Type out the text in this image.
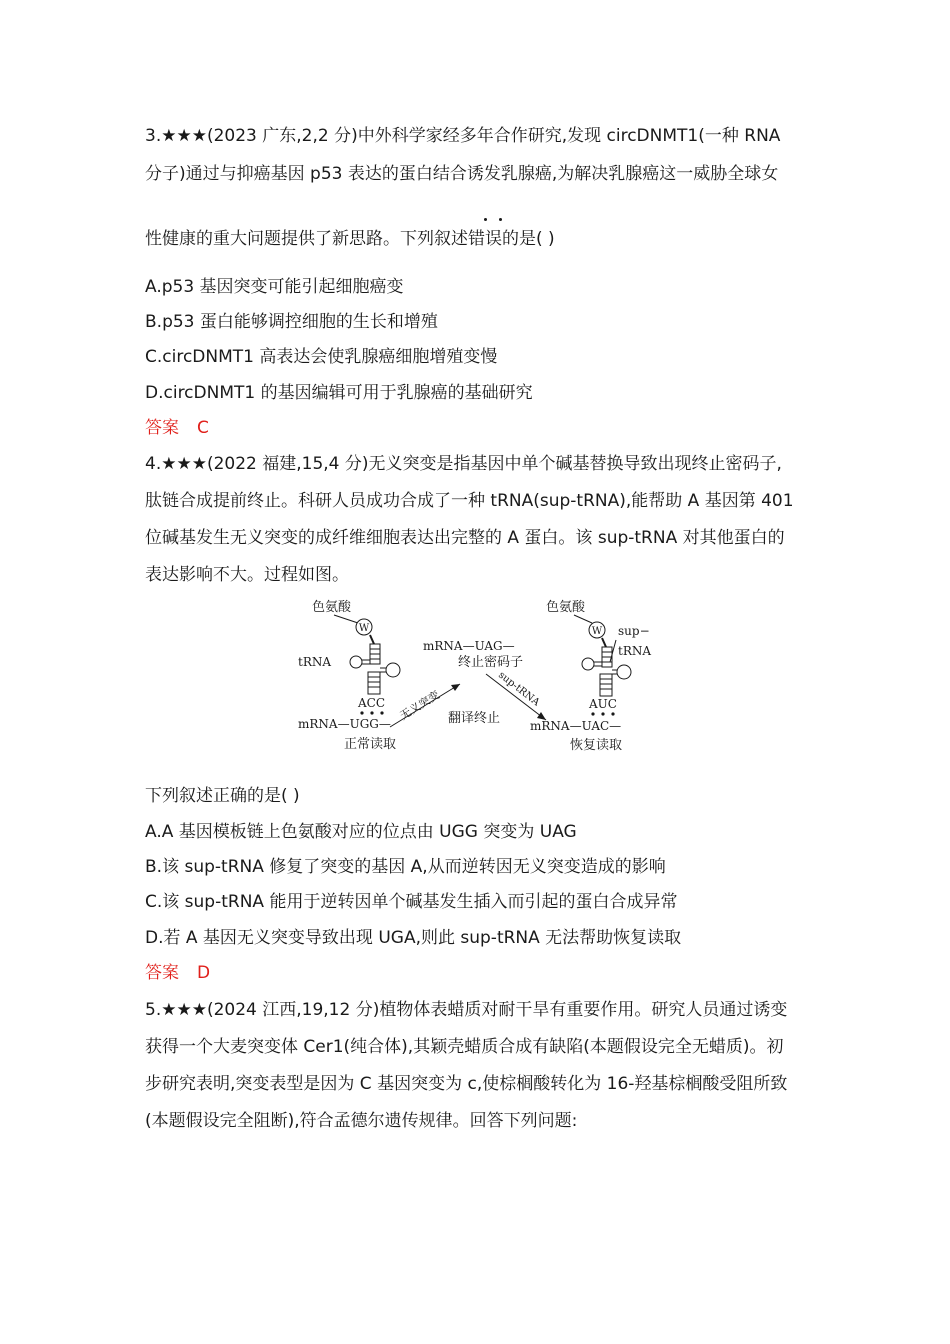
3.★★★(2023 广东,2,2 分)中外科学家经多年合作研究,发现 circDNMT1(一种 RNA
分子)通过与抑癌基因 p53 表达的蛋白结合诱发乳腺癌,为解决乳腺癌这一威胁全球女
性健康的重大问题提供了新思路。下列叙述错误的是( )
A.p53 基因突变可能引起细胞癌变
B.p53 蛋白能够调控细胞的生长和增殖
C.circDNMT1 高表达会使乳腺癌细胞增殖变慢
D.circDNMT1 的基因编辑可用于乳腺癌的基础研究
答案 C
4.★★★(2022 福建,15,4 分)无义突变是指基因中单个碱基替换导致出现终止密码子,
肽链合成提前终止。科研人员成功合成了一种 tRNA(sup-tRNA),能帮助 A 基因第 401
位碱基发生无义突变的成纤维细胞表达出完整的 A 蛋白。该 sup-tRNA 对其他蛋白的
表达影响不大。过程如图。
色氨酸
W
tRNA
ACC
mRNA—UGG—
正常读取
无义突变
mRNA—UAG—
终止密码子
翻译终止
sup-tRNA
色氨酸
W sup−
tRNA
AUC
mRNA—UAC—
恢复读取
下列叙述正确的是( )
A.A 基因模板链上色氨酸对应的位点由 UGG 突变为 UAG
B.该 sup-tRNA 修复了突变的基因 A,从而逆转因无义突变造成的影响
C.该 sup-tRNA 能用于逆转因单个碱基发生插入而引起的蛋白合成异常
D.若 A 基因无义突变导致出现 UGA,则此 sup-tRNA 无法帮助恢复读取
答案 D
5.★★★(2024 江西,19,12 分)植物体表蜡质对耐干旱有重要作用。研究人员通过诱变
获得一个大麦突变体 Cer1(纯合体),其颖壳蜡质合成有缺陷(本题假设完全无蜡质)。初
步研究表明,突变表型是因为 C 基因突变为 c,使棕榈酸转化为 16-羟基棕榈酸受阻所致
(本题假设完全阻断),符合孟德尔遗传规律。回答下列问题:
